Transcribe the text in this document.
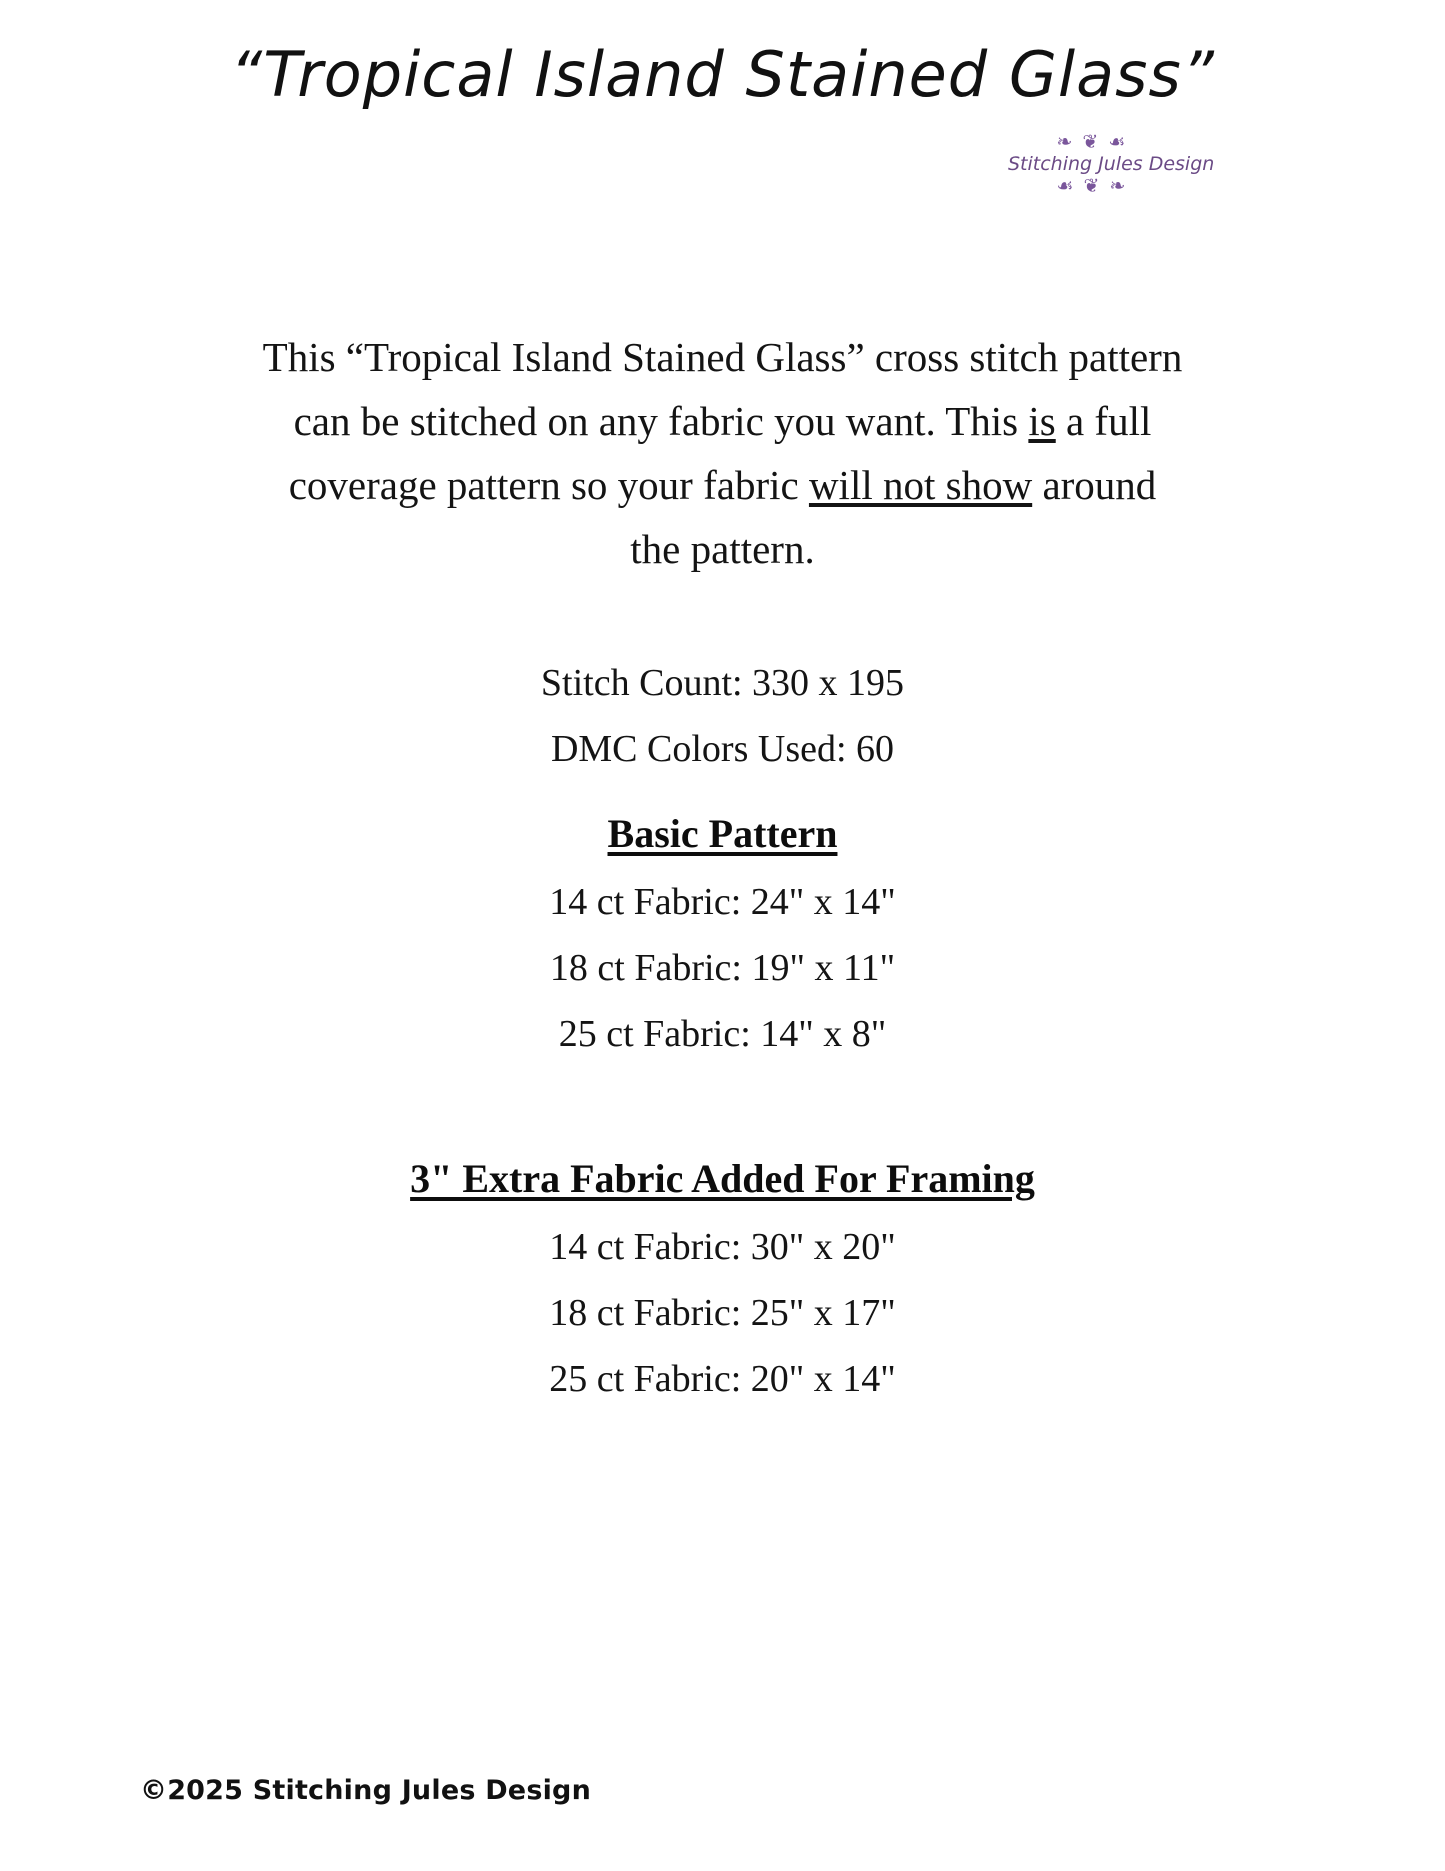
“Tropical Island Stained Glass”
❧ ❦ ☙
Stitching Jules Design
☙ ❦ ❧
This “Tropical Island Stained Glass” cross stitch pattern
can be stitched on any fabric you want. This is a full
coverage pattern so your fabric will not show around
the pattern.
Stitch Count: 330 x 195
DMC Colors Used: 60
Basic Pattern
14 ct Fabric: 24" x 14"
18 ct Fabric: 19" x 11"
25 ct Fabric: 14" x 8"
3" Extra Fabric Added For Framing
14 ct Fabric: 30" x 20"
18 ct Fabric: 25" x 17"
25 ct Fabric: 20" x 14"
©2025 Stitching Jules Design
